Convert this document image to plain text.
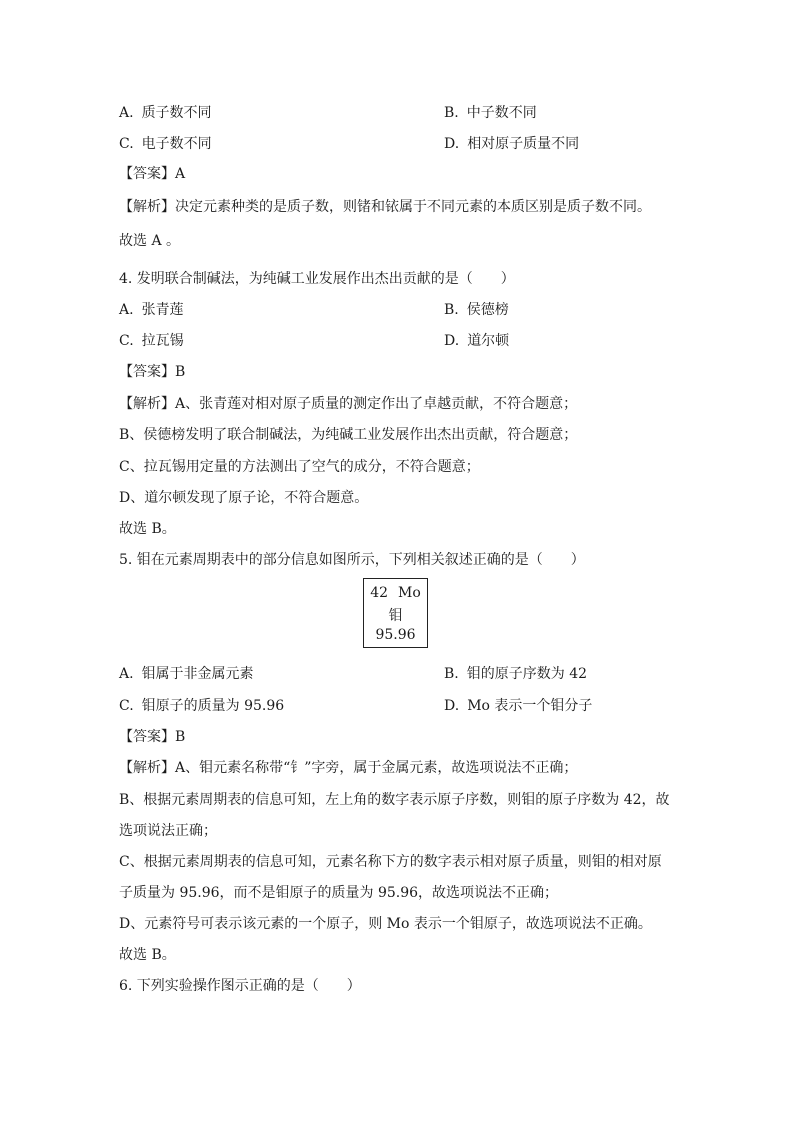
A. 质子数不同	B. 中子数不同
C. 电子数不同	D. 相对原子质量不同
【答案】A
【解析】决定元素种类的是质子数，则锗和铱属于不同元素的本质区别是质子数不同。
故选 A 。
4. 发明联合制碱法，为纯碱工业发展作出杰出贡献的是（　　）
A. 张青莲	B. 侯德榜
C. 拉瓦锡	D. 道尔顿
【答案】B
【解析】A、张青莲对相对原子质量的测定作出了卓越贡献，不符合题意；
B、侯德榜发明了联合制碱法，为纯碱工业发展作出杰出贡献，符合题意；
C、拉瓦锡用定量的方法测出了空气的成分，不符合题意；
D、道尔顿发现了原子论，不符合题意。
故选 B。
5. 钼在元素周期表中的部分信息如图所示，下列相关叙述正确的是（　　）
42 Mo
钼
95.96
A. 钼属于非金属元素	B. 钼的原子序数为 42
C. 钼原子的质量为 95.96	D. Mo 表示一个钼分子
【答案】B
【解析】A、钼元素名称带“钅”字旁，属于金属元素，故选项说法不正确；
B、根据元素周期表的信息可知，左上角的数字表示原子序数，则钼的原子序数为 42，故
选项说法正确；
C、根据元素周期表的信息可知，元素名称下方的数字表示相对原子质量，则钼的相对原
子质量为 95.96，而不是钼原子的质量为 95.96，故选项说法不正确；
D、元素符号可表示该元素的一个原子，则 Mo 表示一个钼原子，故选项说法不正确。
故选 B。
6. 下列实验操作图示正确的是（　　）
